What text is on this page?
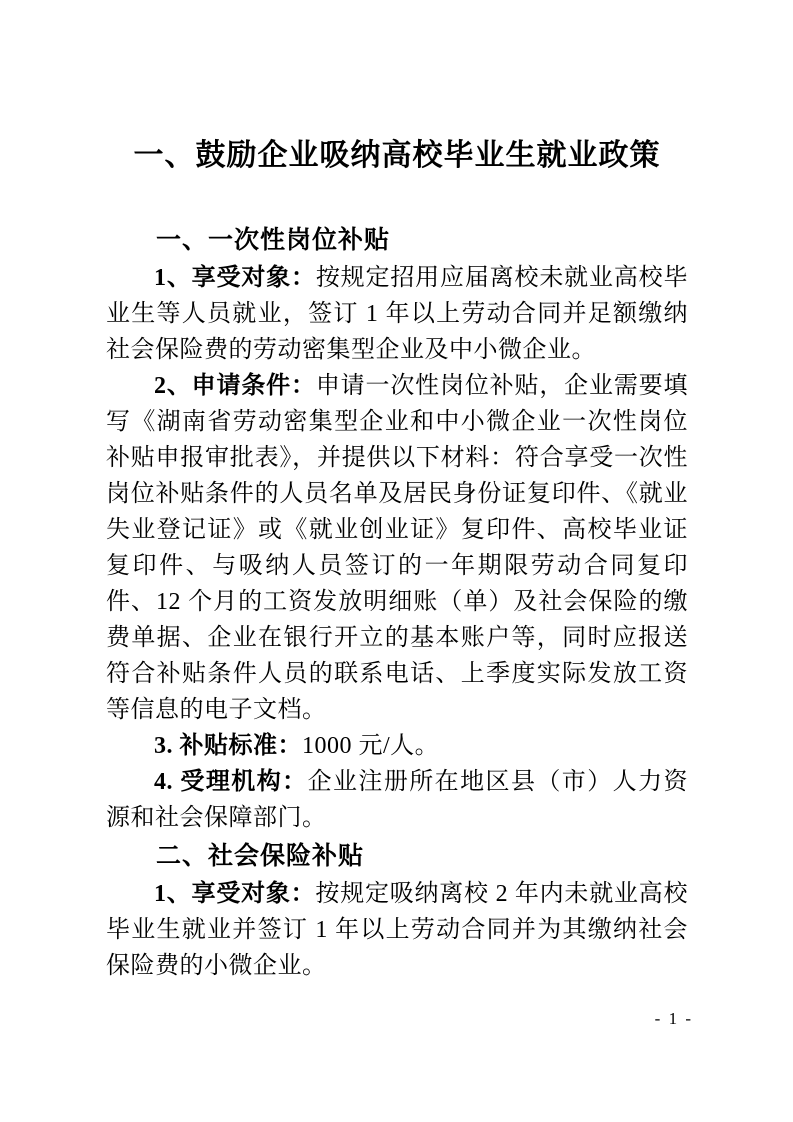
一、鼓励企业吸纳高校毕业生就业政策
一、一次性岗位补贴

1、享受对象：按规定招用应届离校未就业高校毕业生等人员就业，签订 1 年以上劳动合同并足额缴纳社会保险费的劳动密集型企业及中小微企业。

2、申请条件：申请一次性岗位补贴，企业需要填写《湖南省劳动密集型企业和中小微企业一次性岗位补贴申报审批表》，并提供以下材料：符合享受一次性岗位补贴条件的人员名单及居民身份证复印件、《就业失业登记证》或《就业创业证》复印件、高校毕业证复印件、与吸纳人员签订的一年期限劳动合同复印件、12 个月的工资发放明细账（单）及社会保险的缴费单据、企业在银行开立的基本账户等，同时应报送符合补贴条件人员的联系电话、上季度实际发放工资等信息的电子文档。

3. 补贴标准：1000 元/人。

4. 受理机构：企业注册所在地区县（市）人力资源和社会保障部门。

二、社会保险补贴

1、享受对象：按规定吸纳离校 2 年内未就业高校毕业生就业并签订 1 年以上劳动合同并为其缴纳社会保险费的小微企业。

- 1 -
